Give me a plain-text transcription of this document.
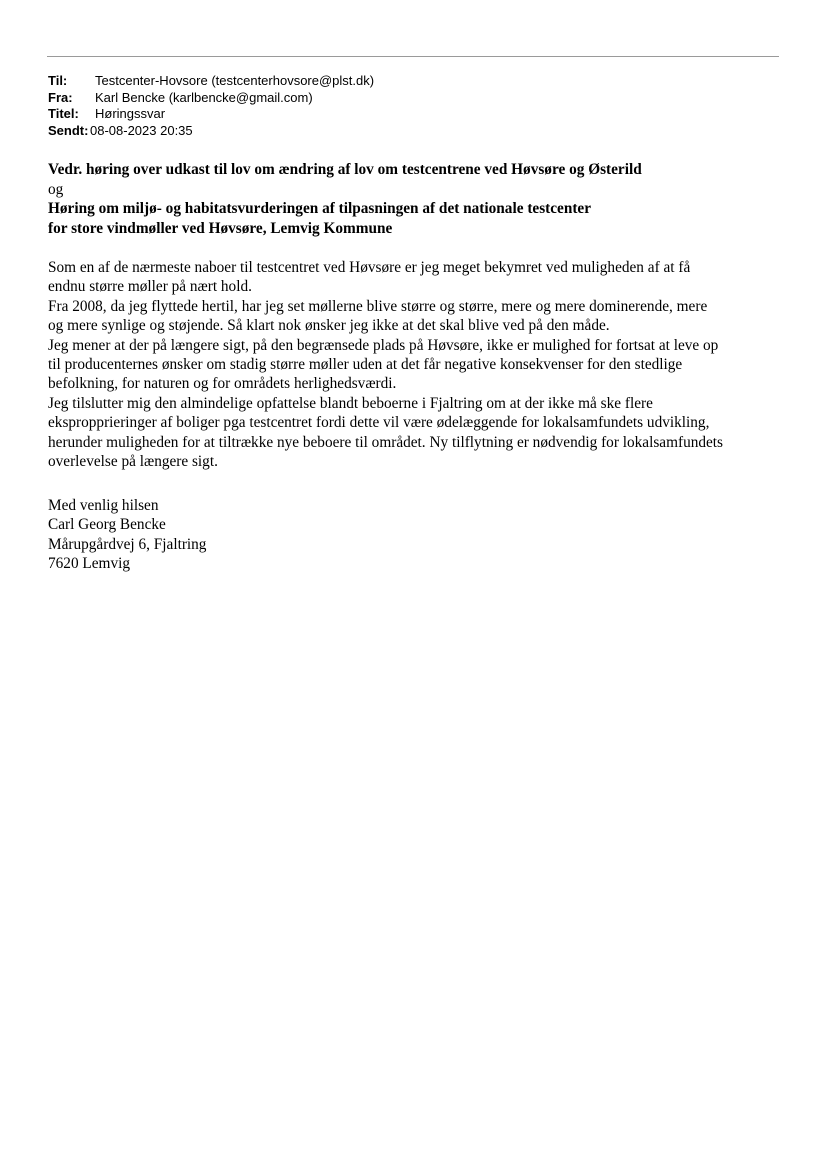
Til:	Testcenter-Hovsore (testcenterhovsore@plst.dk)
Fra:	Karl Bencke (karlbencke@gmail.com)
Titel:	Høringssvar
Sendt: 08-08-2023 20:35
Vedr. høring over udkast til lov om ændring af lov om testcentrene ved Høvsøre og Østerild
og
Høring om miljø- og habitatsvurderingen af tilpasningen af det nationale testcenter
for store vindmøller ved Høvsøre, Lemvig Kommune
Som en af de nærmeste naboer til testcentret ved Høvsøre er jeg meget bekymret ved muligheden af at få
endnu større møller på nært hold.
Fra 2008, da jeg flyttede hertil, har jeg set møllerne blive større og større, mere og mere dominerende, mere
og mere synlige og støjende. Så klart nok ønsker jeg ikke at det skal blive ved på den måde.
Jeg mener at der på længere sigt, på den begrænsede plads på Høvsøre, ikke er mulighed for fortsat at leve op
til producenternes ønsker om stadig større møller uden at det får negative konsekvenser for den stedlige
befolkning, for naturen og for områdets herlighedsværdi.
Jeg tilslutter mig den almindelige opfattelse blandt beboerne i Fjaltring om at der ikke må ske flere
ekspropprieringer af boliger pga testcentret fordi dette vil være ødelæggende for lokalsamfundets udvikling,
herunder muligheden for at tiltrække nye beboere til området. Ny tilflytning er nødvendig for lokalsamfundets
overlevelse på længere sigt.
Med venlig hilsen
Carl Georg Bencke
Mårupgårdvej 6, Fjaltring
7620 Lemvig
